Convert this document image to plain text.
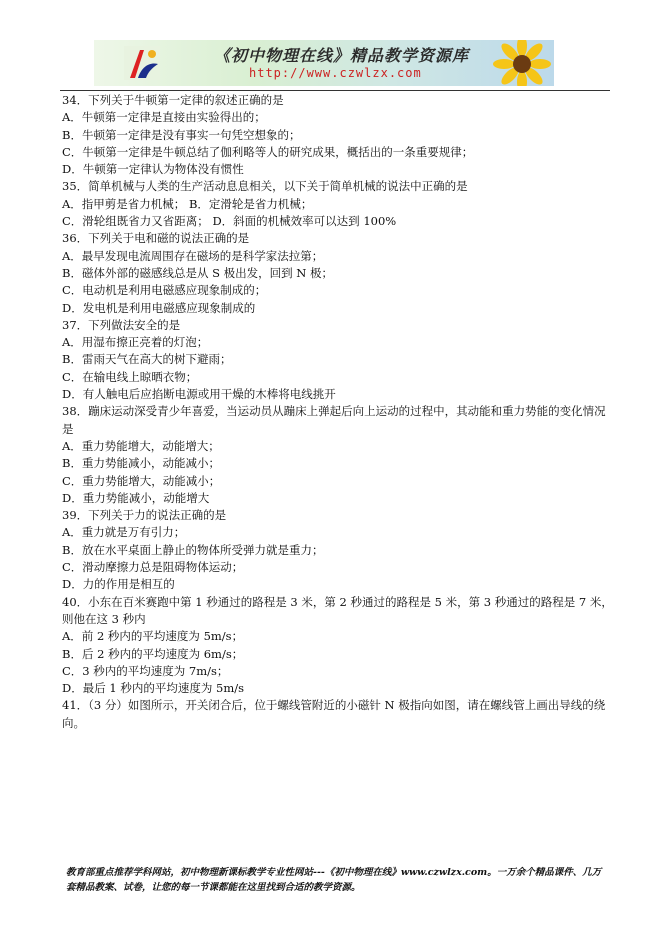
《初中物理在线》精品教学资源库
http://www.czwlzx.com
34．下列关于牛顿第一定律的叙述正确的是
A．牛顿第一定律是直接由实验得出的；
B．牛顿第一定律是没有事实一句凭空想象的；
C．牛顿第一定律是牛顿总结了伽利略等人的研究成果，概括出的一条重要规律；
D．牛顿第一定律认为物体没有惯性
35．简单机械与人类的生产活动息息相关，以下关于简单机械的说法中正确的是
A．指甲剪是省力机械； B．定滑轮是省力机械；
C．滑轮组既省力又省距离； D．斜面的机械效率可以达到 100%
36．下列关于电和磁的说法正确的是
A．最早发现电流周围存在磁场的是科学家法拉第；
B．磁体外部的磁感线总是从 S 极出发，回到 N 极；
C．电动机是利用电磁感应现象制成的；
D．发电机是利用电磁感应现象制成的
37．下列做法安全的是
A．用湿布擦正亮着的灯泡；
B．雷雨天气在高大的树下避雨；
C．在输电线上晾晒衣物；
D．有人触电后应掐断电源或用干燥的木棒将电线挑开
38．蹦床运动深受青少年喜爱，当运动员从蹦床上弹起后向上运动的过程中，其动能和重力势能的变化情况是
A．重力势能增大，动能增大；
B．重力势能减小，动能减小；
C．重力势能增大，动能减小；
D．重力势能减小，动能增大
39．下列关于力的说法正确的是
A．重力就是万有引力；
B．放在水平桌面上静止的物体所受弹力就是重力；
C．滑动摩擦力总是阻碍物体运动；
D．力的作用是相互的
40．小东在百米赛跑中第 1 秒通过的路程是 3 米，第 2 秒通过的路程是 5 米，第 3 秒通过的路程是 7 米，则他在这 3 秒内
A．前 2 秒内的平均速度为 5m/s；
B．后 2 秒内的平均速度为 6m/s；
C．3 秒内的平均速度为 7m/s；
D．最后 1 秒内的平均速度为 5m/s
41．（3 分）如图所示，开关闭合后，位于螺线管附近的小磁针 N 极指向如图，请在螺线管上画出导线的绕向。
教育部重点推荐学科网站，初中物理新课标教学专业性网站---《初中物理在线》www.czwlzx.com。一万余个精品课件、几万套精品教案、试卷，让您的每一节课都能在这里找到合适的教学资源。
